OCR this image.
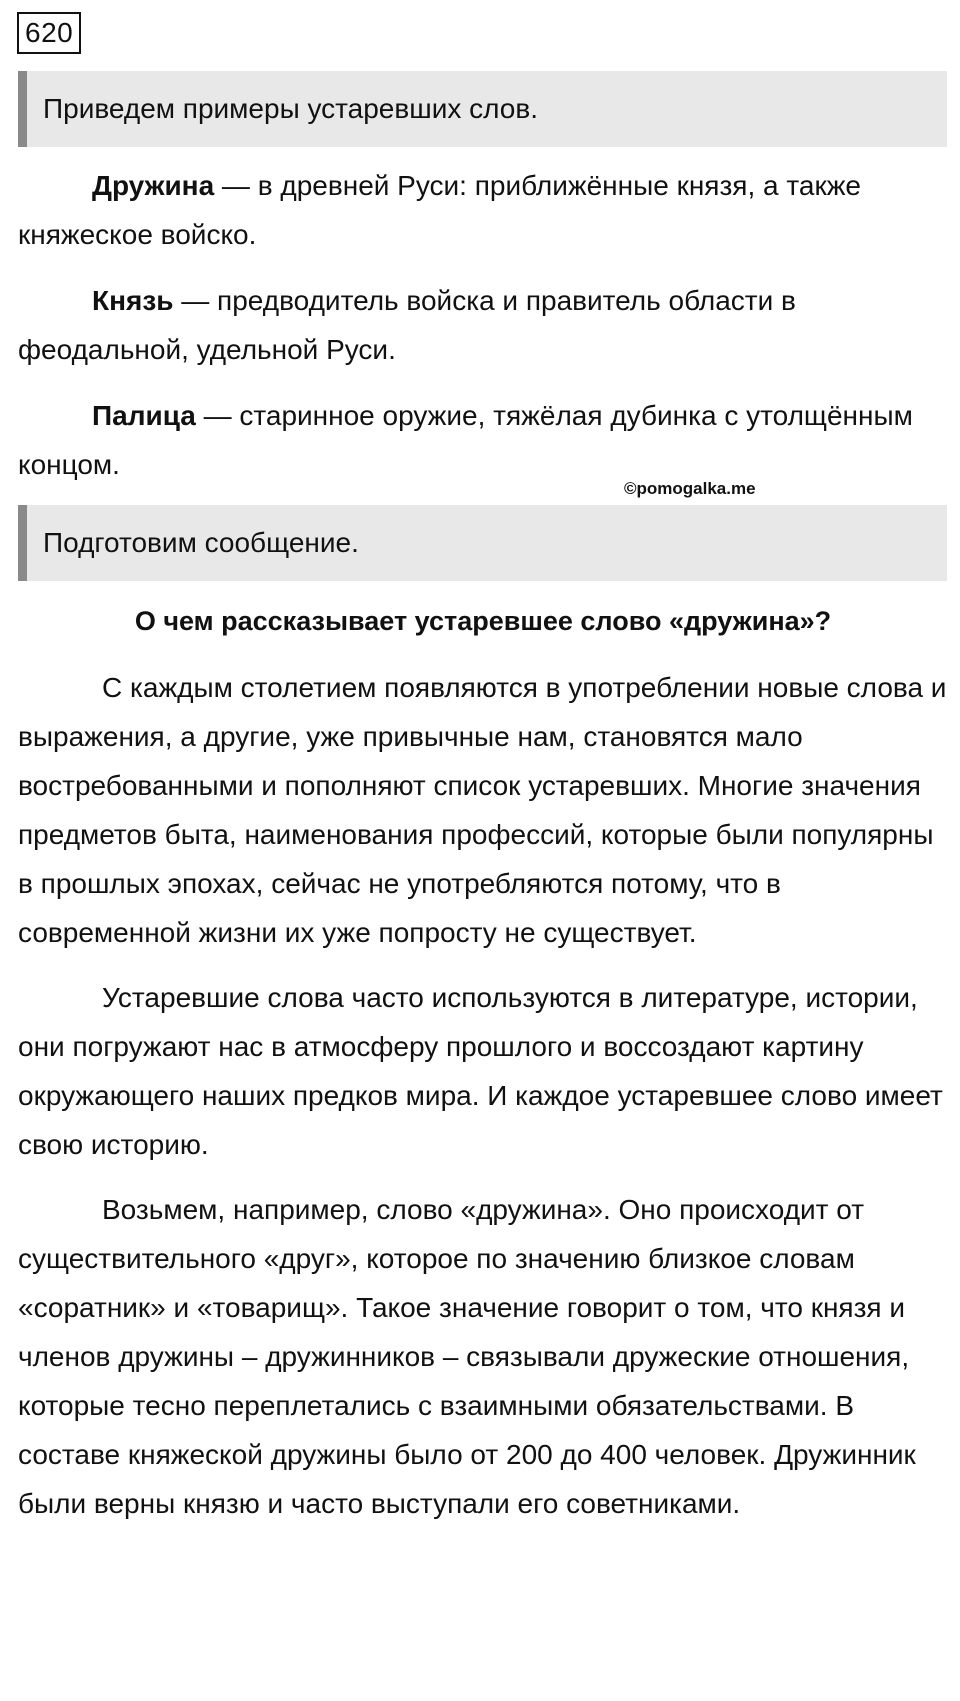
620
Приведем примеры устаревших слов.

Дружина — в древней Руси: приближённые князя, а также княжеское войско.

Князь — предводитель войска и правитель области в феодальной, удельной Руси.

Палица — старинное оружие, тяжёлая дубинка с утолщённым концом.

©pomogalka.me
Подготовим сообщение.
О чем рассказывает устаревшее слово «дружина»?

С каждым столетием появляются в употреблении новые слова и выражения, а другие, уже привычные нам, становятся мало востребованными и пополняют список устаревших. Многие значения предметов быта, наименования профессий, которые были популярны в прошлых эпохах, сейчас не употребляются потому, что в современной жизни их уже попросту не существует.

Устаревшие слова часто используются в литературе, истории, они погружают нас в атмосферу прошлого и воссоздают картину окружающего наших предков мира. И каждое устаревшее слово имеет свою историю.

Возьмем, например, слово «дружина». Оно происходит от существительного «друг», которое по значению близкое словам «соратник» и «товарищ». Такое значение говорит о том, что князя и членов дружины – дружинников – связывали дружеские отношения, которые тесно переплетались с взаимными обязательствами. В составе княжеской дружины было от 200 до 400 человек. Дружинник были верны князю и часто выступали его советниками.
